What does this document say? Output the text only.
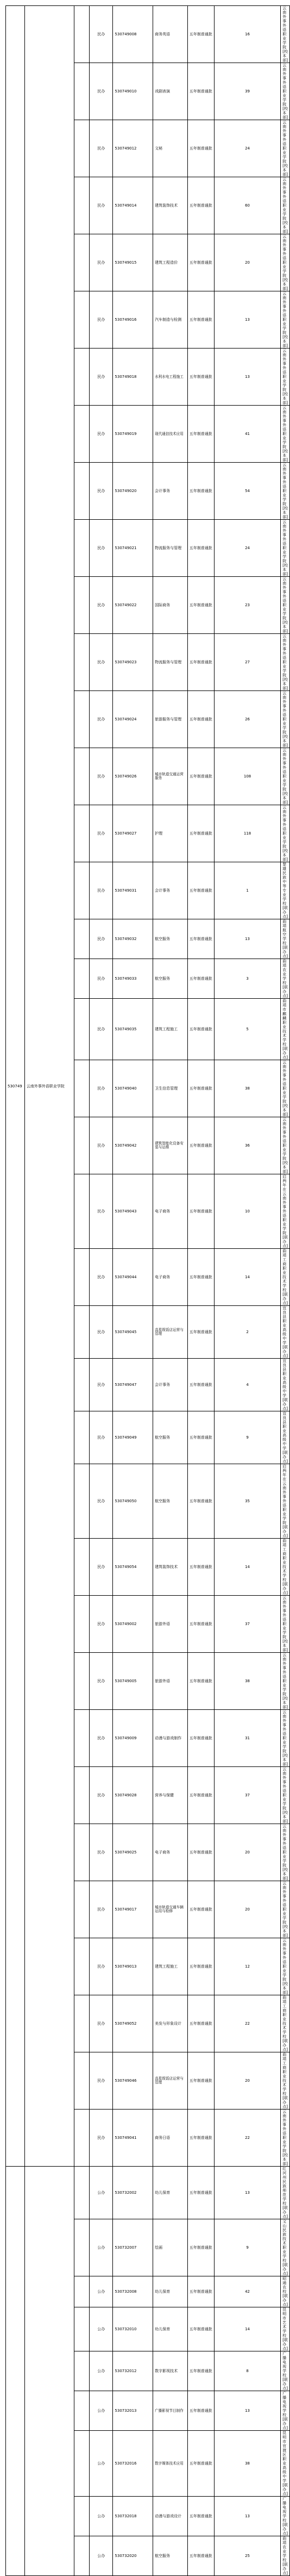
530749	云南外事外语职业学院		民办	530749008	商务英语	五年制普通批	16	云南外事外语职业学院[校本部]
			民办	530749010	戏剧表演	五年制普通批	39	云南外事外语职业学院[校本部]
			民办	530749012	文秘	五年制普通批	24	云南外事外语职业学院[校本部]
			民办	530749014	建筑装饰技术	五年制普通批	60	云南外事外语职业学院[校本部]
			民办	530749015	建筑工程造价	五年制普通批	20	云南外事外语职业学院[校本部]
			民办	530749016	汽车制造与检测	五年制普通批	13	云南外事外语职业学院[校本部]
			民办	530749018	水利水电工程施工	五年制普通批	13	云南外事外语职业学院[校本部]
			民办	530749019	现代通信技术应用	五年制普通批	41	云南外事外语职业学院[校本部]
			民办	530749020	会计事务	五年制普通批	54	云南外事外语职业学院[校本部]
			民办	530749021	物流服务与管理	五年制普通批	24	云南外事外语职业学院[校本部]
			民办	530749022	国际商务	五年制普通批	23	云南外事外语职业学院[校本部]
			民办	530749023	物流服务与管理	五年制普通批	27	云南外事外语职业学院[校本部]
			民办	530749024	旅游服务与管理	五年制普通批	26	云南外事外语职业学院[校本部]
			民办	530749026	城市轨道交通运营服务	五年制普通批	108	云南外事外语职业学院[校本部]
			民办	530749027	护理	五年制普通批	118	云南外事外语职业学院[校本部]
			民办	530749031	会计事务	五年制普通批	1	楚雄民族中等专业学校[联办点]
			民办	530749032	航空服务	五年制普通批	13	曲靖航空学校[联办点]
			民办	530749033	航空服务	五年制普通批	3	曲靖农业学校[联办点]
			民办	530749035	建筑工程施工	五年制普通批	5	曲靖市麒麟职业技术学校[联办点]
			民办	530749040	卫生信息管理	五年制普通批	38	云南外事外语职业学院[校本部]
			民办	530749042	建筑智能化设备安装与运维	五年制普通批	36	云南外事外语职业学院[校本部]
			民办	530749043	电子商务	五年制普通批	10	启两年在云南外事外语职业学院[联办点]
			民办	530749044	电子商务	五年制普通批	14	曲靖工商职业技术学校[联办点]
			民办	530749045	高星级饭店运营与管理	五年制普通批	2	宜良县职业高级中学[联办点]
			民办	530749047	会计事务	五年制普通批	4	宜良县职业高级中学[联办点]
			民办	530749049	航空服务	五年制普通批	9	宜良县职业高级中学[联办点]
			民办	530749050	航空服务	五年制普通批	35	启两年在云南外事外语职业学院[联办点]
			民办	530749054	建筑装饰技术	五年制普通批	14	曲靖工商职业技术学校[联办点]
			民办	530749002	旅游外语	五年制普通批	37	云南外事外语职业学院[校本部]
			民办	530749005	旅游外语	五年制普通批	38	云南外事外语职业学院[校本部]
			民办	530749009	动漫与游戏制作	五年制普通批	31	云南外事外语职业学院[校本部]
			民办	530749028	营养与保健	五年制普通批	37	云南外事外语职业学院[校本部]
			民办	530749025	电子商务	五年制普通批	20	云南外事外语职业学院[校本部]
			民办	530749017	城市轨道交通车辆运用与检修	五年制普通批	20	云南外事外语职业学院[校本部]
			民办	530749013	建筑工程施工	五年制普通批	12	云南外事外语职业学院[校本部]
			民办	530749052	美发与形象设计	五年制普通批	22	曲靖工商职业技术学校[联办点]
			民办	530749046	高星级饭店运营与管理	五年制普通批	20	曲靖工商职业技术学校[联办点]
			民办	530749041	商务日语	五年制普通批	22	云南外事外语职业学院[校本部]
			公办	530732002	幼儿保育	五年制普通批	13	红河州民族师范学校[联办点]
			公办	530732007	绘画	五年制普通批	9	文山民族技术职业学校[联办点]
			公办	530732008	幼儿保育	五年制普通批	42	昭通农校[联办点]
			公办	530732010	幼儿保育	五年制普通批	14	昆明市艺术学校[联办点]
			公办	530732012	数字影视技术	五年制普通批	8	广播电视学校[联办点]
			公办	530732013	广播影视节目制作	五年制普通批	13	广播电视学校[联办点]
			公办	530732016	数字媒体技术应用	五年制普通批	38	昆明市官渡区职业高级中学[联办点]
			公办	530732018	动漫与游戏设计	五年制普通批	13	广播电视学校[联办点]
			公办	530732020	航空服务	五年制普通批	25	曲靖农业学校[联办点]
